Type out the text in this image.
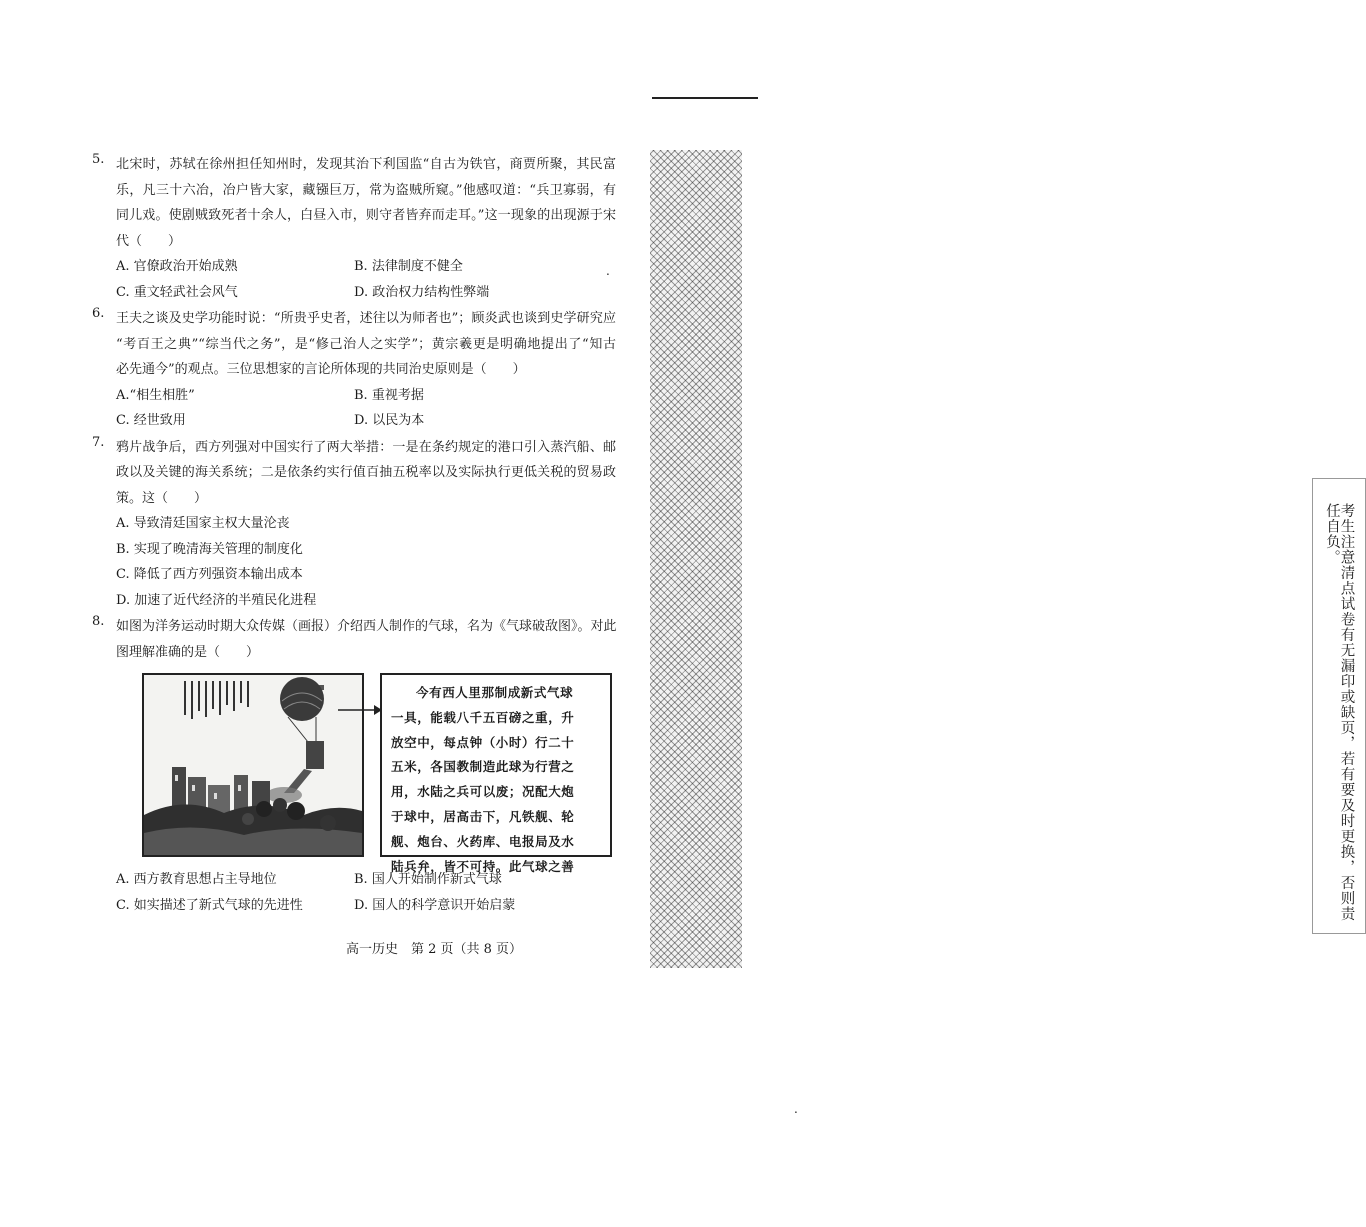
考生注意清点试卷有无漏印或缺页，若有要及时更换，否则责任自负。
.
.
5. 北宋时，苏轼在徐州担任知州时，发现其治下利国监“自古为铁官，商贾所聚，其民富
乐，凡三十六冶，冶户皆大家，藏镪巨万，常为盗贼所窥。”他感叹道：“兵卫寡弱，有
同儿戏。使剧贼致死者十余人，白昼入市，则守者皆弃而走耳。”这一现象的出现源于宋
代（　　）
A. 官僚政治开始成熟	B. 法律制度不健全
C. 重文轻武社会风气	D. 政治权力结构性弊端
6. 王夫之谈及史学功能时说：“所贵乎史者，述往以为师者也”；顾炎武也谈到史学研究应
“考百王之典”“综当代之务”，是“修己治人之实学”；黄宗羲更是明确地提出了“知古
必先通今”的观点。三位思想家的言论所体现的共同治史原则是（　　）
A.“相生相胜”	B. 重视考据
C. 经世致用	D. 以民为本
7. 鸦片战争后，西方列强对中国实行了两大举措：一是在条约规定的港口引入蒸汽船、邮
政以及关键的海关系统；二是依条约实行值百抽五税率以及实际执行更低关税的贸易政
策。这（　　）
A. 导致清廷国家主权大量沦丧
B. 实现了晚清海关管理的制度化
C. 降低了西方列强资本输出成本
D. 加速了近代经济的半殖民化进程
8. 如图为洋务运动时期大众传媒（画报）介绍西人制作的气球，名为《气球破敌图》。对此
图理解准确的是（　　）
今有西人里那制成新式气球
一具，能载八千五百磅之重，升
放空中，每点钟（小时）行二十
五米，各国教制造此球为行营之
用，水陆之兵可以废；况配大炮
于球中，居高击下，凡铁舰、轮
舰、炮台、火药库、电报局及水
陆兵弁，皆不可持。此气球之善
A. 西方教育思想占主导地位	B. 国人开始制作新式气球
C. 如实描述了新式气球的先进性	D. 国人的科学意识开始启蒙
高一历史　第 2 页（共 8 页）
